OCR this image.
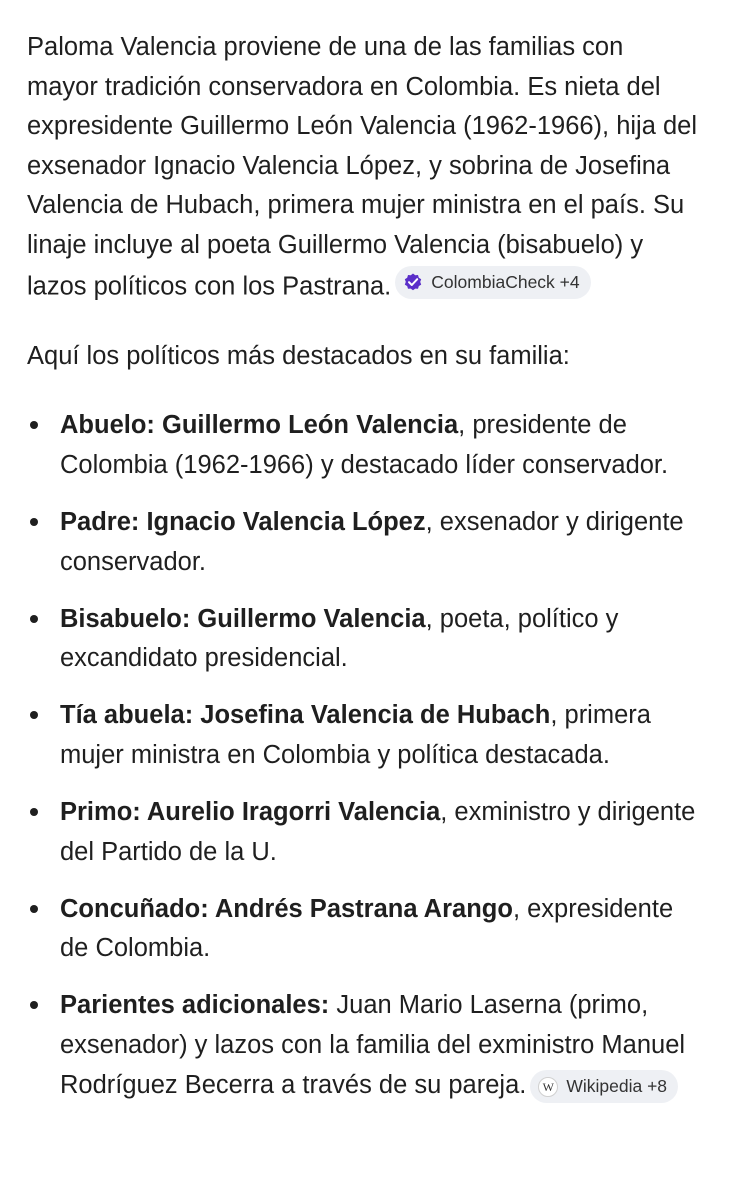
Paloma Valencia proviene de una de las familias con mayor tradición conservadora en Colombia. Es nieta del expresidente Guillermo León Valencia (1962-1966), hija del exsenador Ignacio Valencia López, y sobrina de Josefina Valencia de Hubach, primera mujer ministra en el país. Su linaje incluye al poeta Guillermo Valencia (bisabuelo) y lazos políticos con los Pastrana. ColombiaCheck +4

Aquí los políticos más destacados en su familia:

Abuelo: Guillermo León Valencia, presidente de Colombia (1962-1966) y destacado líder conservador.
Padre: Ignacio Valencia López, exsenador y dirigente conservador.
Bisabuelo: Guillermo Valencia, poeta, político y excandidato presidencial.
Tía abuela: Josefina Valencia de Hubach, primera mujer ministra en Colombia y política destacada.
Primo: Aurelio Iragorri Valencia, exministro y dirigente del Partido de la U.
Concuñado: Andrés Pastrana Arango, expresidente de Colombia.
Parientes adicionales: Juan Mario Laserna (primo, exsenador) y lazos con la familia del exministro Manuel Rodríguez Becerra a través de su pareja.	W Wikipedia +8
